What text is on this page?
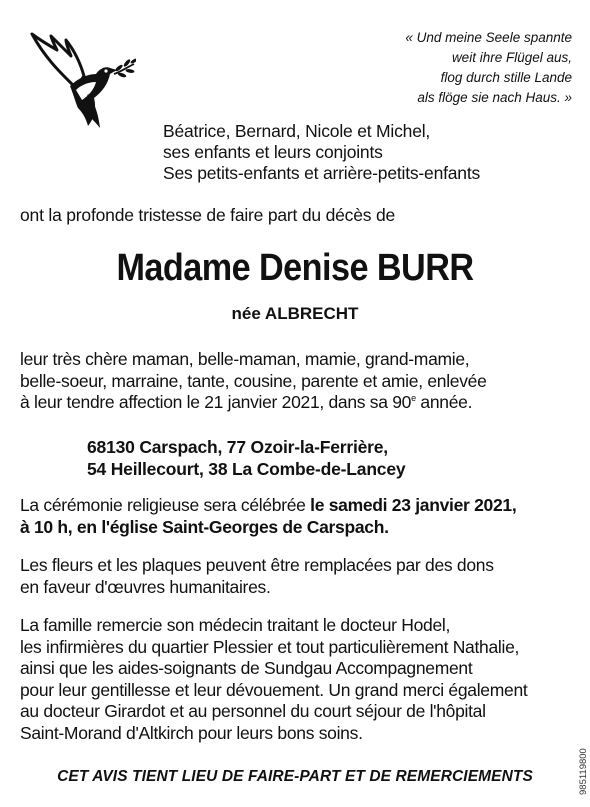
« Und meine Seele spannte
weit ihre Flügel aus,
flog durch stille Lande
als flöge sie nach Haus. »
Béatrice, Bernard, Nicole et Michel,
ses enfants et leurs conjoints
Ses petits-enfants et arrière-petits-enfants
ont la profonde tristesse de faire part du décès de
Madame Denise BURR
née ALBRECHT
leur très chère maman, belle-maman, mamie, grand-mamie,
belle-soeur, marraine, tante, cousine, parente et amie, enlevée
à leur tendre affection le 21 janvier 2021, dans sa 90e année.
68130 Carspach, 77 Ozoir-la-Ferrière,
54 Heillecourt, 38 La Combe-de-Lancey
La cérémonie religieuse sera célébrée le samedi 23 janvier 2021,
à 10 h, en l'église Saint-Georges de Carspach.
Les fleurs et les plaques peuvent être remplacées par des dons
en faveur d'œuvres humanitaires.
La famille remercie son médecin traitant le docteur Hodel,
les infirmières du quartier Plessier et tout particulièrement Nathalie,
ainsi que les aides-soignants de Sundgau Accompagnement
pour leur gentillesse et leur dévouement. Un grand merci également
au docteur Girardot et au personnel du court séjour de l'hôpital
Saint-Morand d'Altkirch pour leurs bons soins.
CET AVIS TIENT LIEU DE FAIRE-PART ET DE REMERCIEMENTS	985119800
